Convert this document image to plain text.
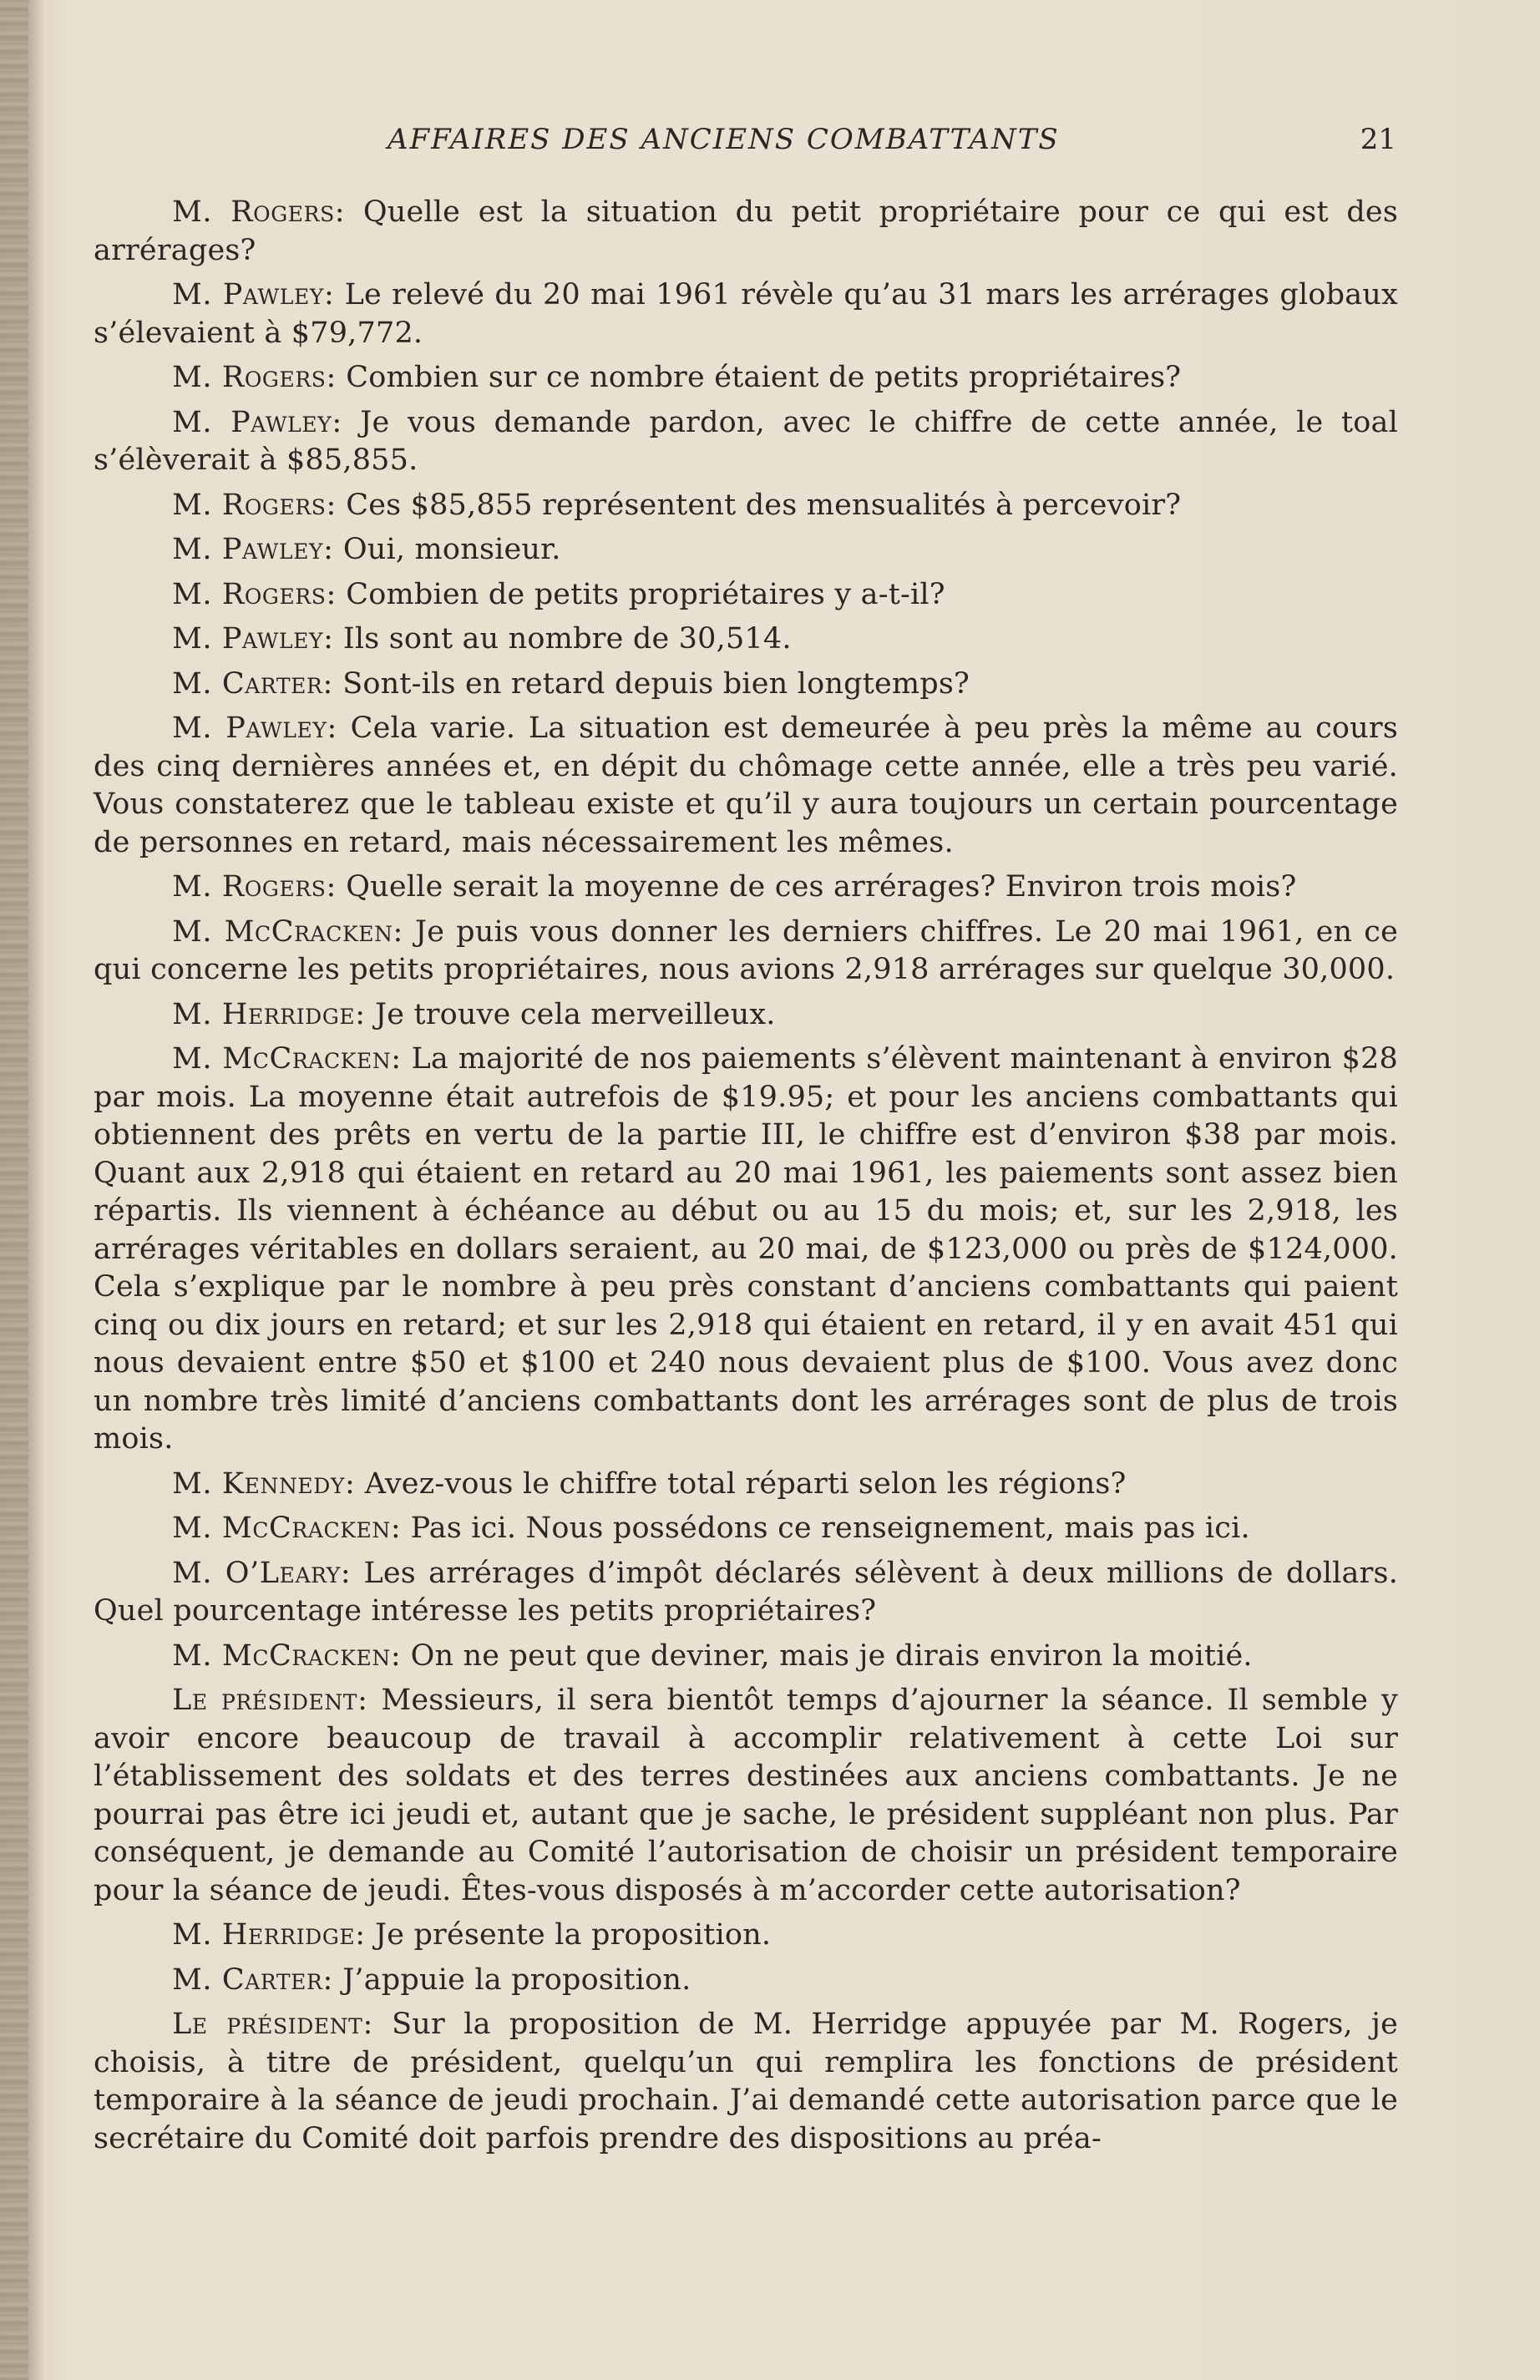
AFFAIRES DES ANCIENS COMBATTANTS	21

M. Rogers: Quelle est la situation du petit propriétaire pour ce qui est des arrérages?

M. Pawley: Le relevé du 20 mai 1961 révèle qu’au 31 mars les arrérages globaux s’élevaient à $79,772.

M. Rogers: Combien sur ce nombre étaient de petits propriétaires?

M. Pawley: Je vous demande pardon, avec le chiffre de cette année, le toal s’élèverait à $85,855.

M. Rogers: Ces $85,855 représentent des mensualités à percevoir?

M. Pawley: Oui, monsieur.

M. Rogers: Combien de petits propriétaires y a-t-il?

M. Pawley: Ils sont au nombre de 30,514.

M. Carter: Sont-ils en retard depuis bien longtemps?

M. Pawley: Cela varie. La situation est demeurée à peu près la même au cours des cinq dernières années et, en dépit du chômage cette année, elle a très peu varié. Vous constaterez que le tableau existe et qu’il y aura toujours un certain pourcentage de personnes en retard, mais nécessairement les mêmes.

M. Rogers: Quelle serait la moyenne de ces arrérages? Environ trois mois?

M. McCracken: Je puis vous donner les derniers chiffres. Le 20 mai 1961, en ce qui concerne les petits propriétaires, nous avions 2,918 arrérages sur quelque 30,000.

M. Herridge: Je trouve cela merveilleux.

M. McCracken: La majorité de nos paiements s’élèvent maintenant à environ $28 par mois. La moyenne était autrefois de $19.95; et pour les anciens combattants qui obtiennent des prêts en vertu de la partie III, le chiffre est d’environ $38 par mois. Quant aux 2,918 qui étaient en retard au 20 mai 1961, les paiements sont assez bien répartis. Ils viennent à échéance au début ou au 15 du mois; et, sur les 2,918, les arrérages véritables en dollars seraient, au 20 mai, de $123,000 ou près de $124,000. Cela s’explique par le nombre à peu près constant d’anciens combattants qui paient cinq ou dix jours en retard; et sur les 2,918 qui étaient en retard, il y en avait 451 qui nous devaient entre $50 et $100 et 240 nous devaient plus de $100. Vous avez donc un nombre très limité d’anciens combattants dont les arrérages sont de plus de trois mois.

M. Kennedy: Avez-vous le chiffre total réparti selon les régions?

M. McCracken: Pas ici. Nous possédons ce renseignement, mais pas ici.

M. O’Leary: Les arrérages d’impôt déclarés sélèvent à deux millions de dollars. Quel pourcentage intéresse les petits propriétaires?

M. McCracken: On ne peut que deviner, mais je dirais environ la moitié.

Le président: Messieurs, il sera bientôt temps d’ajourner la séance. Il semble y avoir encore beaucoup de travail à accomplir relativement à cette Loi sur l’établissement des soldats et des terres destinées aux anciens combattants. Je ne pourrai pas être ici jeudi et, autant que je sache, le président suppléant non plus. Par conséquent, je demande au Comité l’autorisation de choisir un président temporaire pour la séance de jeudi. Êtes-vous disposés à m’accorder cette autorisation?

M. Herridge: Je présente la proposition.

M. Carter: J’appuie la proposition.

Le président: Sur la proposition de M. Herridge appuyée par M. Rogers, je choisis, à titre de président, quelqu’un qui remplira les fonctions de président temporaire à la séance de jeudi prochain. J’ai demandé cette autorisation parce que le secrétaire du Comité doit parfois prendre des dispositions au préa-
